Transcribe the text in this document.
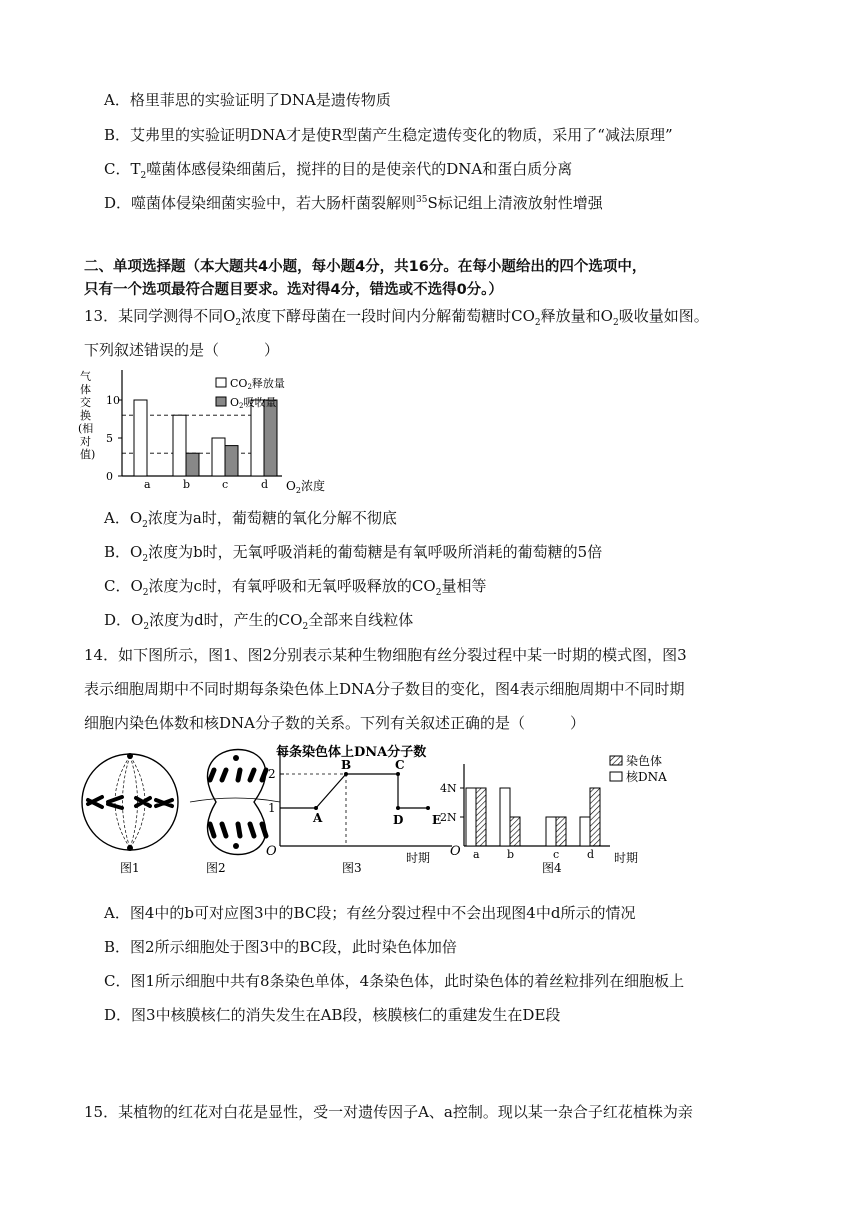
A．格里菲思的实验证明了DNA是遗传物质
B．艾弗里的实验证明DNA才是使R型菌产生稳定遗传变化的物质，采用了“减法原理”
C．$T_2$噬菌体感侵染细菌后，搅拌的目的是使亲代的DNA和蛋白质分离
D．噬菌体侵染细菌实验中，若大肠杆菌裂解则$^{35}$S标记组上清液放射性增强
二、单项选择题（本大题共4小题，每小题4分，共16分。在每小题给出的四个选项中，
只有一个选项最符合题目要求。选对得4分，错选或不选得0分。）
13．某同学测得不同$O_2$浓度下酵母菌在一段时间内分解葡萄糖时$CO_2$释放量和$O_2$吸收量如图。
下列叙述错误的是（　　　）
气
体
交
换
(相
对
值)
0
5
10
a	b	c	d $O_2$浓度
CO2释放量
O2吸收量
A．$O_2$浓度为a时，葡萄糖的氧化分解不彻底
B．$O_2$浓度为b时，无氧呼吸消耗的葡萄糖是有氧呼吸所消耗的葡萄糖的5倍
C．$O_2$浓度为c时，有氧呼吸和无氧呼吸释放的$CO_2$量相等
D．$O_2$浓度为d时，产生的$CO_2$全部来自线粒体
14．如下图所示，图1、图2分别表示某种生物细胞有丝分裂过程中某一时期的模式图，图3
表示细胞周期中不同时期每条染色体上DNA分子数目的变化，图4表示细胞周期中不同时期
细胞内染色体数和核DNA分子数的关系。下列有关叙述正确的是（　　　）
图1	图2
每条染色体上DNA分子数
1
2
A
B	C
D E
O	时期
图3
2N
4N
a b	c	d
O	时期
图4
染色体
核DNA
A．图4中的b可对应图3中的BC段；有丝分裂过程中不会出现图4中d所示的情况
B．图2所示细胞处于图3中的BC段，此时染色体加倍
C．图1所示细胞中共有8条染色单体，4条染色体，此时染色体的着丝粒排列在细胞板上
D．图3中核膜核仁的消失发生在AB段，核膜核仁的重建发生在DE段
15．某植物的红花对白花是显性，受一对遗传因子A、a控制。现以某一杂合子红花植株为亲
